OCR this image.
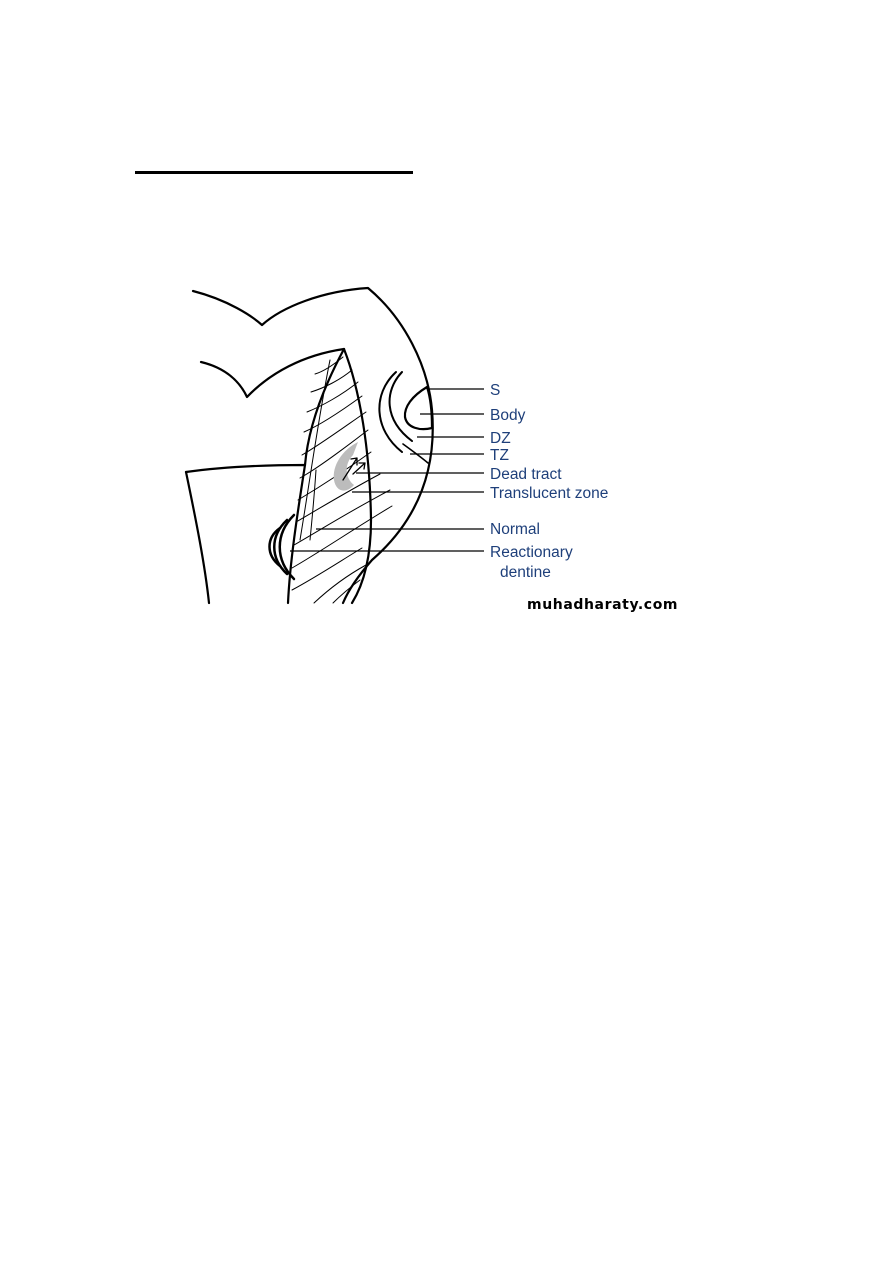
S
Body
DZ
TZ
Dead tract
Translucent zone
Normal
Reactionary
dentine
muhadharaty.com
